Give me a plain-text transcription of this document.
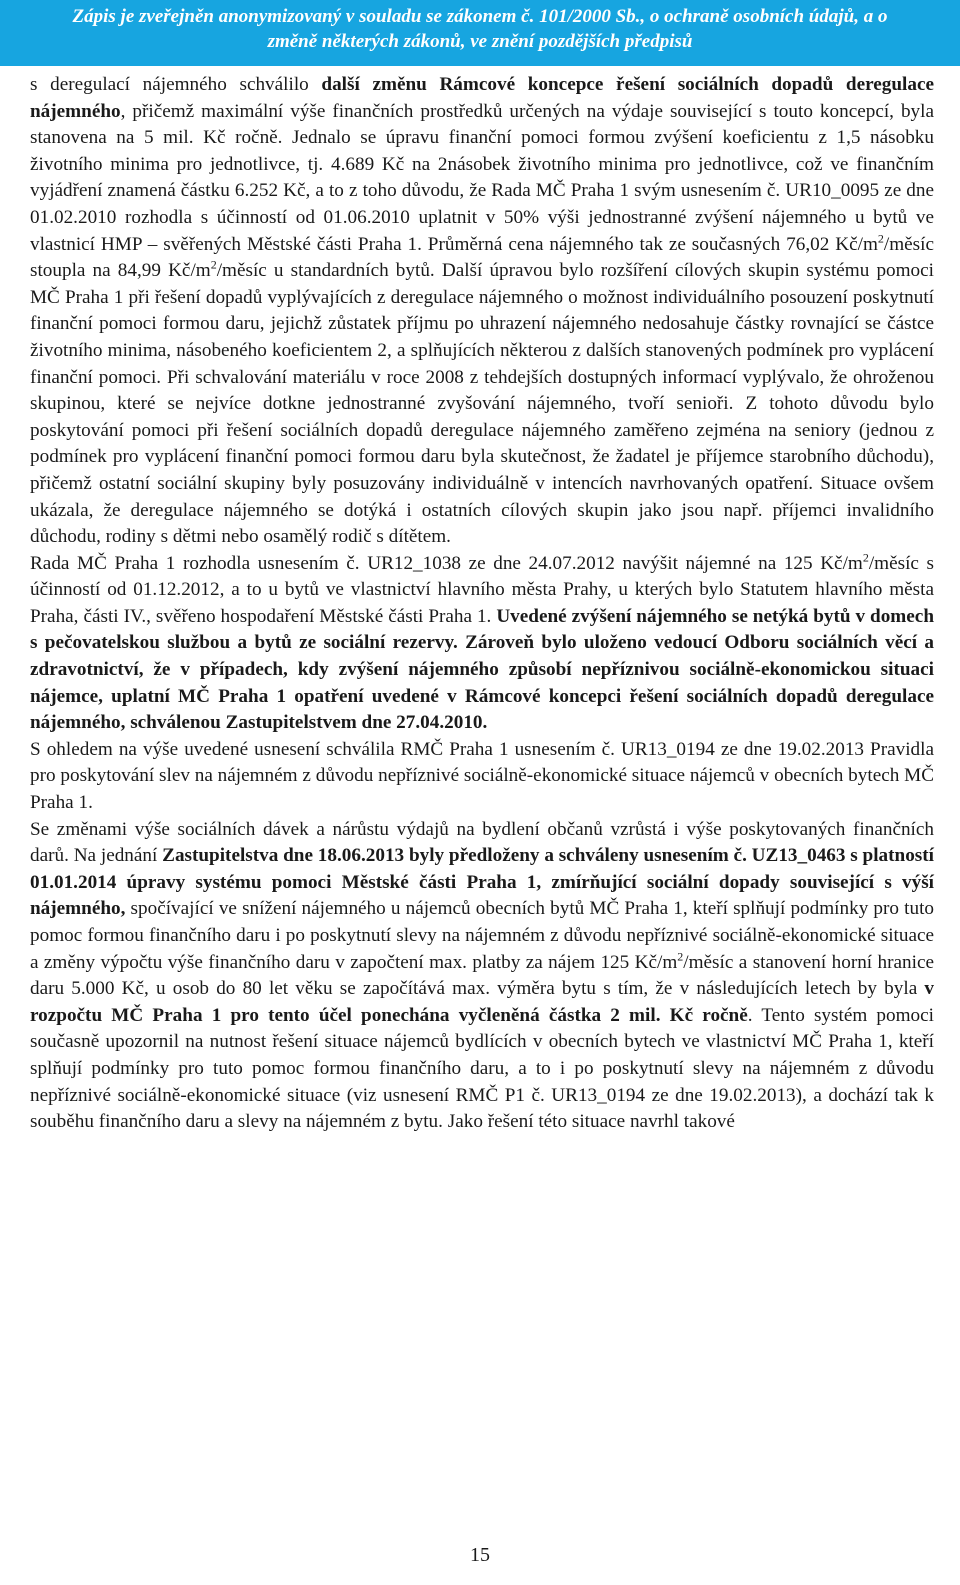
Zápis je zveřejněn anonymizovaný v souladu se zákonem č. 101/2000 Sb., o ochraně osobních údajů, a o
změně některých zákonů, ve znění pozdějších předpisů

s deregulací nájemného schválilo další změnu Rámcové koncepce řešení sociálních dopadů deregulace nájemného, přičemž maximální výše finančních prostředků určených na výdaje související s touto koncepcí, byla stanovena na 5 mil. Kč ročně. Jednalo se úpravu finanční pomoci formou zvýšení koeficientu z 1,5 násobku životního minima pro jednotlivce, tj. 4.689 Kč na 2násobek životního minima pro jednotlivce, což ve finančním vyjádření znamená částku 6.252 Kč, a to z toho důvodu, že Rada MČ Praha 1 svým usnesením č. UR10_0095 ze dne 01.02.2010 rozhodla s účinností od 01.06.2010 uplatnit v 50% výši jednostranné zvýšení nájemného u bytů ve vlastnicí HMP – svěřených Městské části Praha 1. Průměrná cena nájemného tak ze současných 76,02 $Kč/m^2$/měsíc stoupla na 84,99 $Kč/m^2$/měsíc u standardních bytů. Další úpravou bylo rozšíření cílových skupin systému pomoci MČ Praha 1 při řešení dopadů vyplývajících z deregulace nájemného o možnost individuálního posouzení poskytnutí finanční pomoci formou daru, jejichž zůstatek příjmu po uhrazení nájemného nedosahuje částky rovnající se částce životního minima, násobeného koeficientem 2, a splňujících některou z dalších stanovených podmínek pro vyplácení finanční pomoci. Při schvalování materiálu v roce 2008 z tehdejších dostupných informací vyplývalo, že ohroženou skupinou, které se nejvíce dotkne jednostranné zvyšování nájemného, tvoří senioři. Z tohoto důvodu bylo poskytování pomoci při řešení sociálních dopadů deregulace nájemného zaměřeno zejména na seniory (jednou z podmínek pro vyplácení finanční pomoci formou daru byla skutečnost, že žadatel je příjemce starobního důchodu), přičemž ostatní sociální skupiny byly posuzovány individuálně v intencích navrhovaných opatření. Situace ovšem ukázala, že deregulace nájemného se dotýká i ostatních cílových skupin jako jsou např. příjemci invalidního důchodu, rodiny s dětmi nebo osamělý rodič s dítětem.

Rada MČ Praha 1 rozhodla usnesením č. UR12_1038 ze dne 24.07.2012 navýšit nájemné na 125 $Kč/m^2$/měsíc s účinností od 01.12.2012, a to u bytů ve vlastnictví hlavního města Prahy, u kterých bylo Statutem hlavního města Praha, části IV., svěřeno hospodaření Městské části Praha 1. Uvedené zvýšení nájemného se netýká bytů v domech s pečovatelskou službou a bytů ze sociální rezervy. Zároveň bylo uloženo vedoucí Odboru sociálních věcí a zdravotnictví, že v případech, kdy zvýšení nájemného způsobí nepříznivou sociálně-ekonomickou situaci nájemce, uplatní MČ Praha 1 opatření uvedené v Rámcové koncepci řešení sociálních dopadů deregulace nájemného, schválenou Zastupitelstvem dne 27.04.2010.

S ohledem na výše uvedené usnesení schválila RMČ Praha 1 usnesením č. UR13_0194 ze dne 19.02.2013 Pravidla pro poskytování slev na nájemném z důvodu nepříznivé sociálně-ekonomické situace nájemců v obecních bytech MČ Praha 1.

Se změnami výše sociálních dávek a nárůstu výdajů na bydlení občanů vzrůstá i výše poskytovaných finančních darů. Na jednání Zastupitelstva dne 18.06.2013 byly předloženy a schváleny usnesením č. UZ13_0463 s platností 01.01.2014 úpravy systému pomoci Městské části Praha 1, zmírňující sociální dopady související s výší nájemného, spočívající ve snížení nájemného u nájemců obecních bytů MČ Praha 1, kteří splňují podmínky pro tuto pomoc formou finančního daru i po poskytnutí slevy na nájemném z důvodu nepříznivé sociálně-ekonomické situace a změny výpočtu výše finančního daru v započtení max. platby za nájem 125 $Kč/m^2$/měsíc a stanovení horní hranice daru 5.000 Kč, u osob do 80 let věku se započítává max. výměra bytu s tím, že v následujících letech by byla v rozpočtu MČ Praha 1 pro tento účel ponechána vyčleněná částka 2 mil. Kč ročně. Tento systém pomoci současně upozornil na nutnost řešení situace nájemců bydlících v obecních bytech ve vlastnictví MČ Praha 1, kteří splňují podmínky pro tuto pomoc formou finančního daru, a to i po poskytnutí slevy na nájemném z důvodu nepříznivé sociálně-ekonomické situace (viz usnesení RMČ P1 č. UR13_0194 ze dne 19.02.2013), a dochází tak k souběhu finančního daru a slevy na nájemném z bytu. Jako řešení této situace navrhl takové

15
